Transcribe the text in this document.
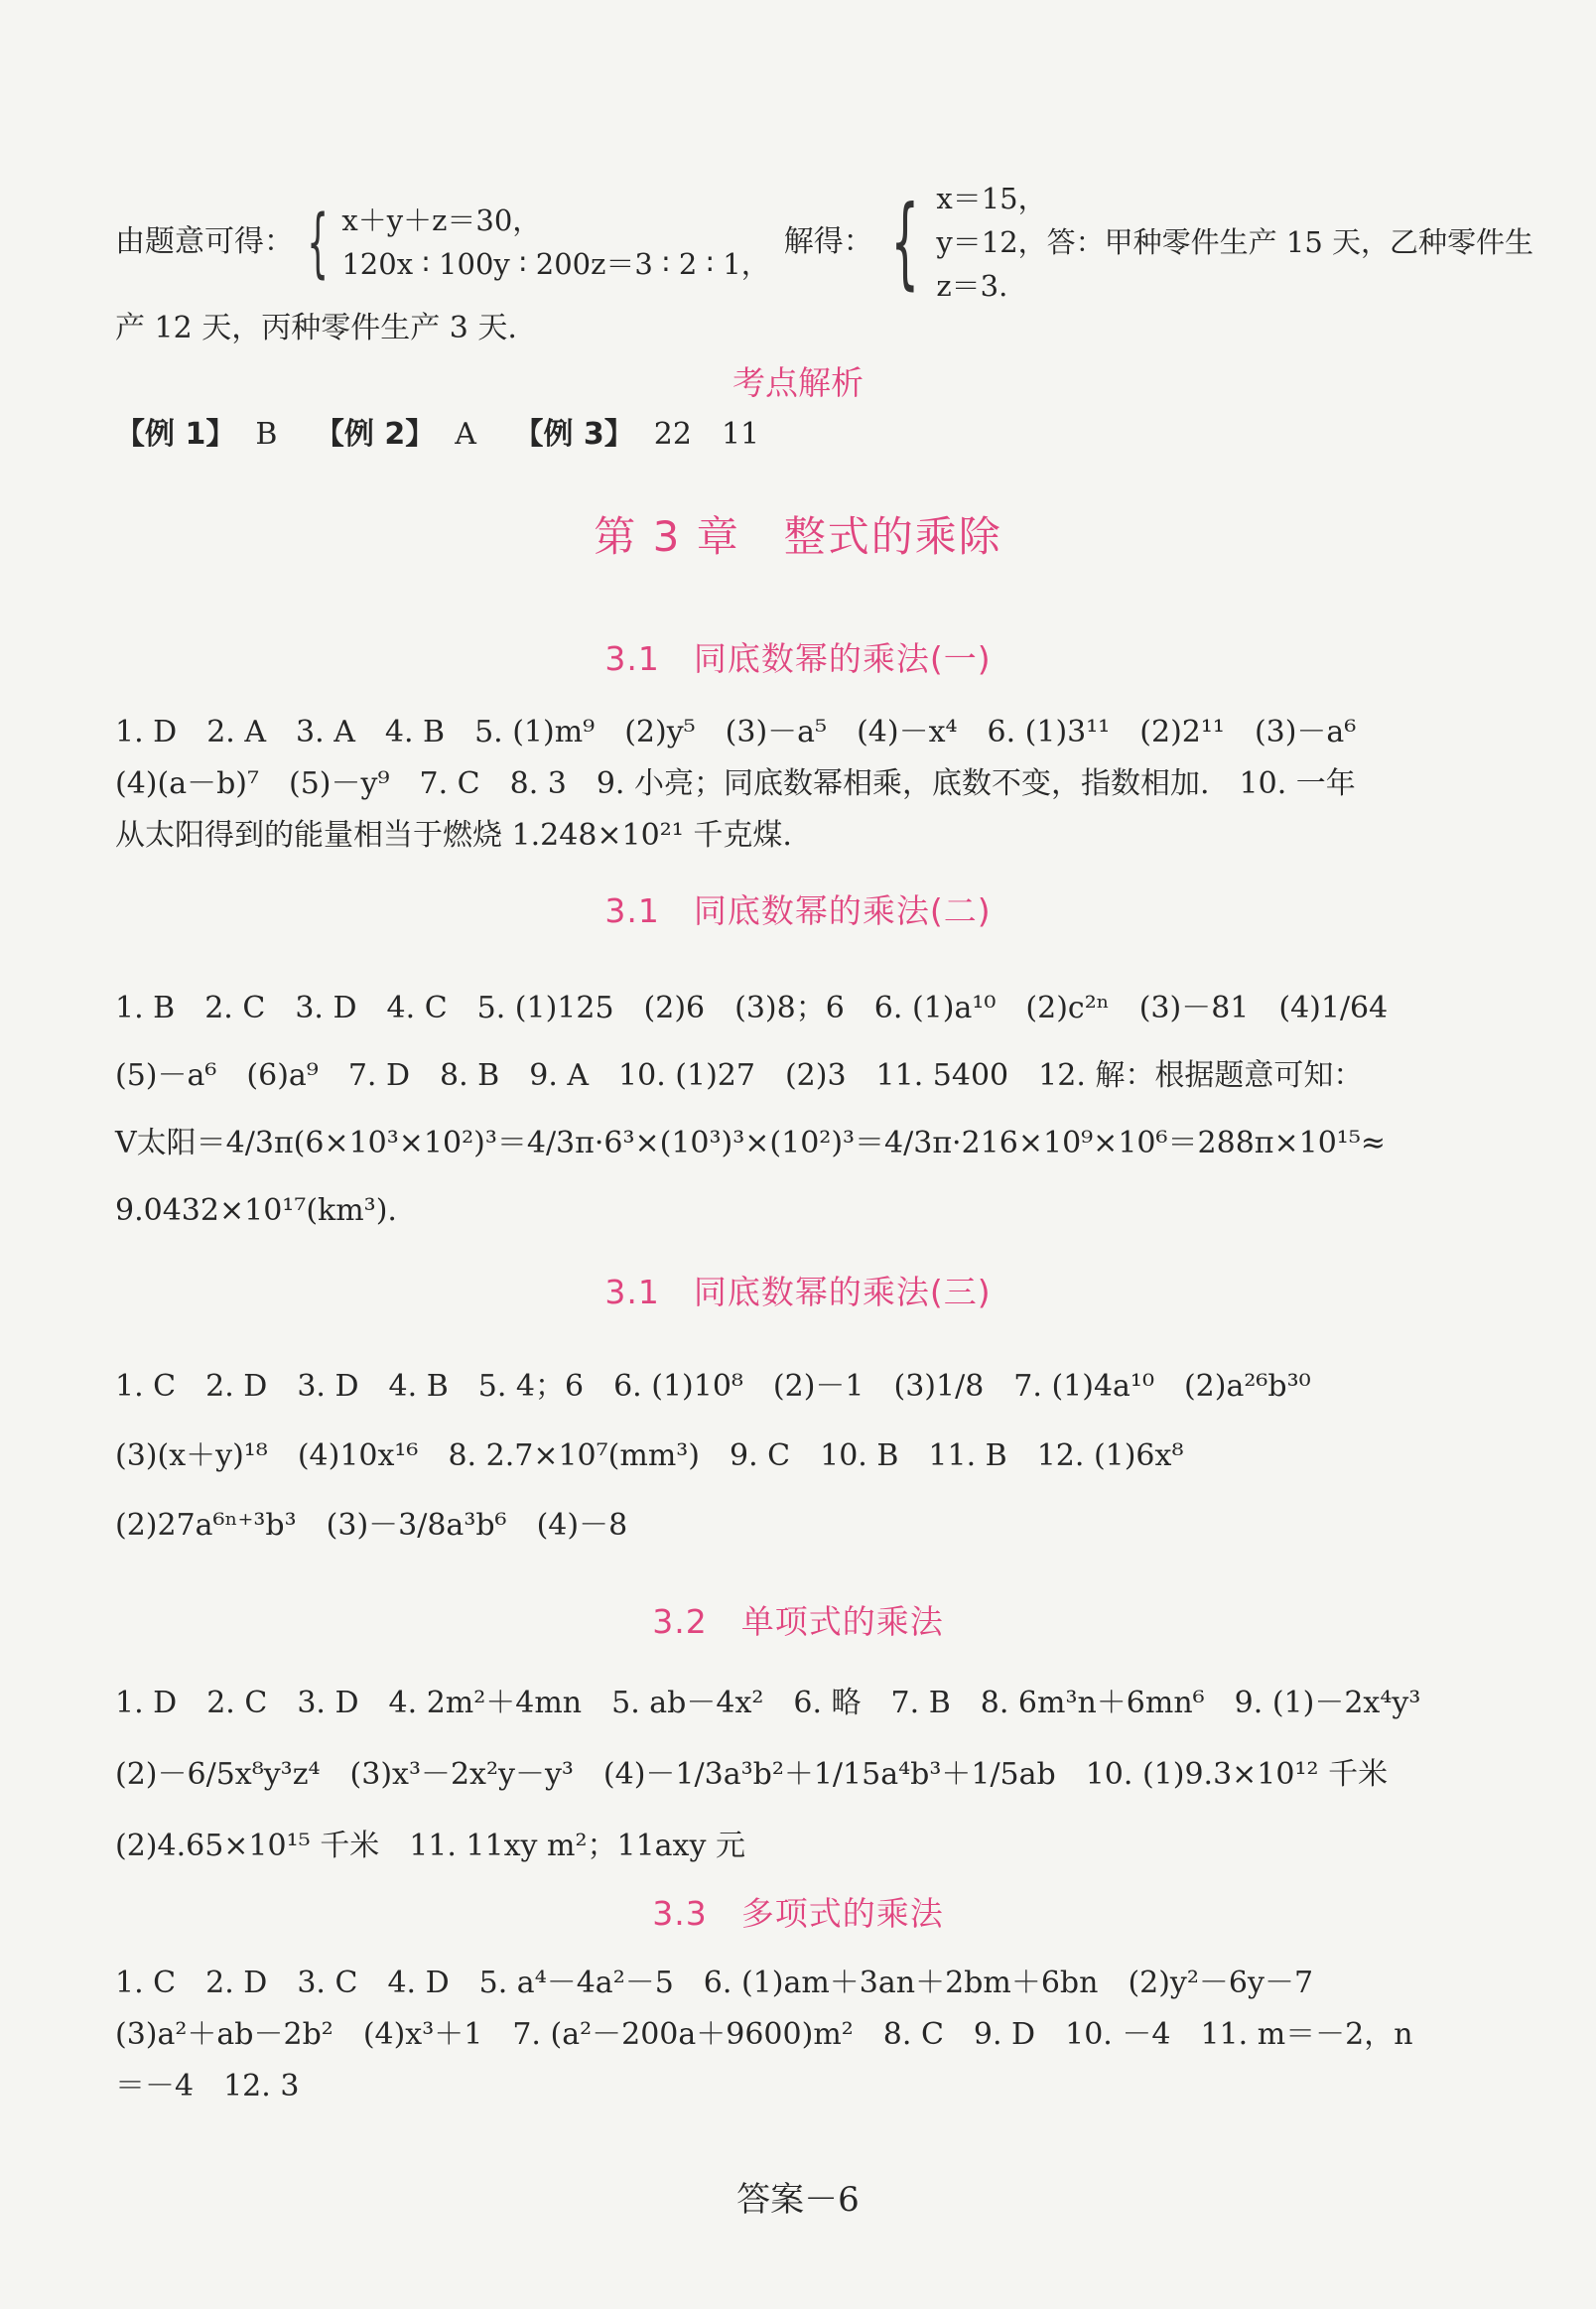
由题意可得： { x＋y＋z＝30，
120x ∶ 100y ∶ 200z＝3 ∶ 2 ∶ 1，
解得： { x＝15，
y＝12，答：甲种零件生产 15 天，乙种零件生
z＝3.
产 12 天，丙种零件生产 3 天.
考点解析
【例 1】 B 【例 2】 A 【例 3】 22　11
第 3 章　整式的乘除
3.1　同底数幂的乘法(一)
1. D　2. A　3. A　4. B　5. (1)m⁹　(2)y⁵　(3)－a⁵　(4)－x⁴　6. (1)3¹¹　(2)2¹¹　(3)－a⁶
(4)(a－b)⁷　(5)－y⁹　7. C　8. 3　9. 小亮；同底数幂相乘，底数不变，指数相加.　10. 一年
从太阳得到的能量相当于燃烧 1.248×10²¹ 千克煤.
3.1　同底数幂的乘法(二)
1. B　2. C　3. D　4. C　5. (1)125　(2)6　(3)8；6　6. (1)a¹⁰　(2)c²ⁿ　(3)－81　(4)1/64
(5)－a⁶　(6)a⁹　7. D　8. B　9. A　10. (1)27　(2)3　11. 5400　12. 解：根据题意可知：
V太阳＝4/3π(6×10³×10²)³＝4/3π·6³×(10³)³×(10²)³＝4/3π·216×10⁹×10⁶＝288π×10¹⁵≈
9.0432×10¹⁷(km³).
3.1　同底数幂的乘法(三)
1. C　2. D　3. D　4. B　5. 4；6　6. (1)10⁸　(2)－1　(3)1/8　7. (1)4a¹⁰　(2)a²⁶b³⁰
(3)(x＋y)¹⁸　(4)10x¹⁶　8. 2.7×10⁷(mm³)　9. C　10. B　11. B　12. (1)6x⁸
(2)27a⁶ⁿ⁺³b³　(3)－3/8a³b⁶　(4)－8
3.2　单项式的乘法
1. D　2. C　3. D　4. 2m²＋4mn　5. ab－4x²　6. 略　7. B　8. 6m³n＋6mn⁶　9. (1)－2x⁴y³
(2)－6/5x⁸y³z⁴　(3)x³－2x²y－y³　(4)－1/3a³b²＋1/15a⁴b³＋1/5ab　10. (1)9.3×10¹² 千米
(2)4.65×10¹⁵ 千米　11. 11xy m²；11axy 元
3.3　多项式的乘法
1. C　2. D　3. C　4. D　5. a⁴－4a²－5　6. (1)am＋3an＋2bm＋6bn　(2)y²－6y－7
(3)a²＋ab－2b²　(4)x³＋1　7. (a²－200a＋9600)m²　8. C　9. D　10. －4　11. m＝－2，n
＝－4　12. 3
答案－6
